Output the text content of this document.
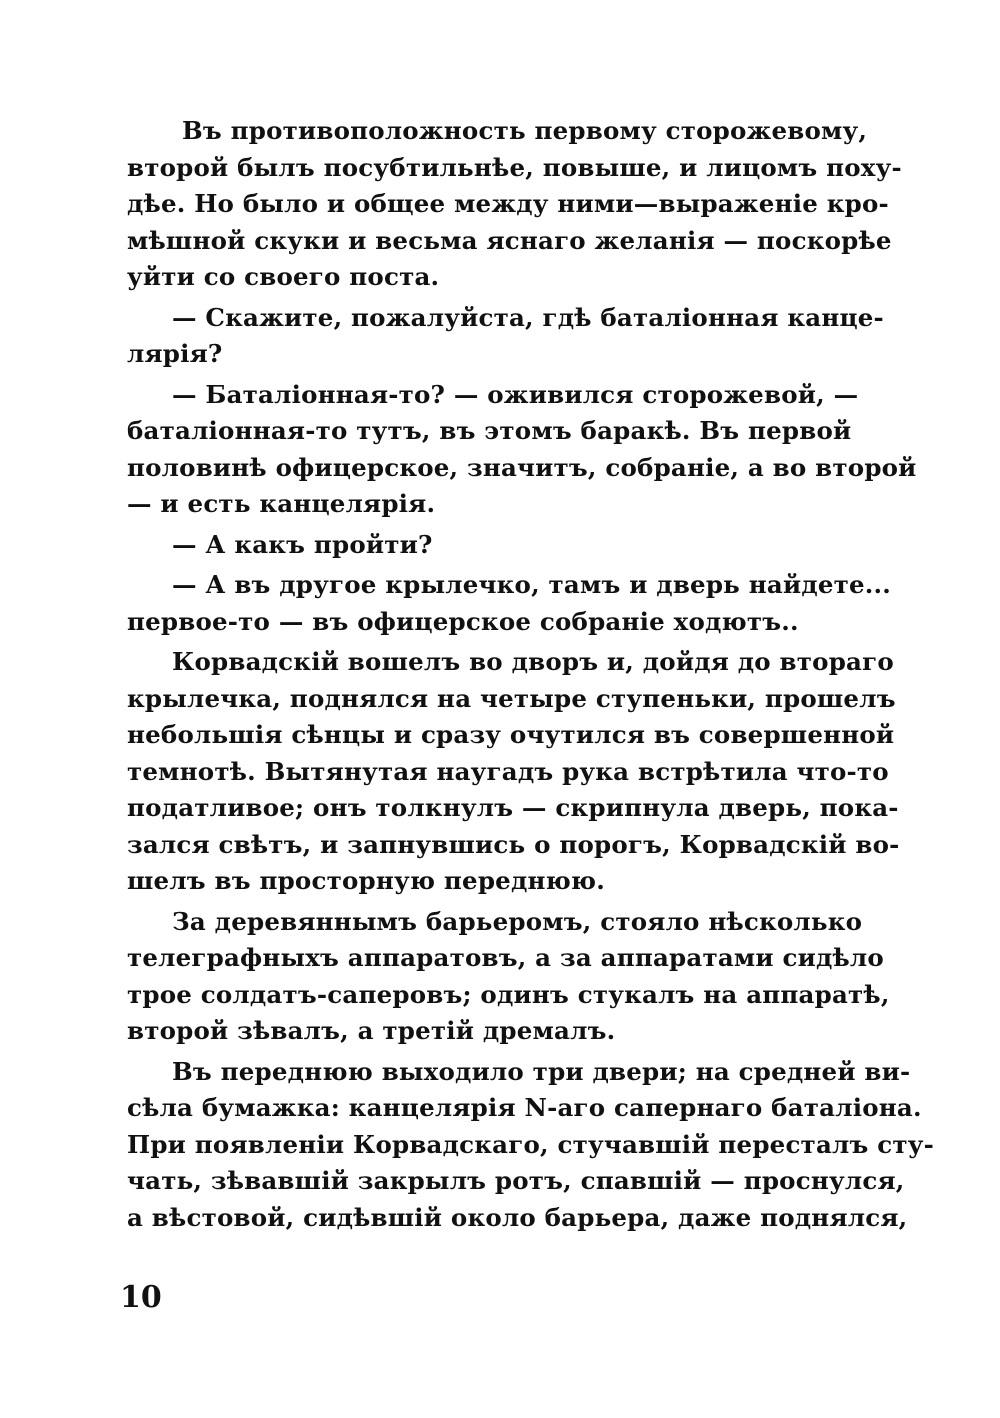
Въ противоположность первому сторожевому,
второй былъ посубтильнѣе, повыше, и лицомъ поху-
дѣе. Но было и общее между ними—выраженіе кро-
мѣшной скуки и весьма яснаго желанія — поскорѣе
уйти со своего поста.

— Скажите, пожалуйста, гдѣ баталіонная канце-
лярія?

— Баталіонная-то? — оживился сторожевой, —
баталіонная-то тутъ, въ этомъ баракѣ. Въ первой
половинѣ офицерское, значитъ, собраніе, а во второй
— и есть канцелярія.

— А какъ пройти?

— А въ другое крылечко, тамъ и дверь найдете...
первое-то — въ офицерское собраніе ходютъ..

Корвадскій вошелъ во дворъ и, дойдя до втораго
крылечка, поднялся на четыре ступеньки, прошелъ
небольшія сѣнцы и сразу очутился въ совершенной
темнотѣ. Вытянутая наугадъ рука встрѣтила что-то
податливое; онъ толкнулъ — скрипнула дверь, пока-
зался свѣтъ, и запнувшись о порогъ, Корвадскій во-
шелъ въ просторную переднюю.

За деревяннымъ барьеромъ, стояло нѣсколько
телеграфныхъ аппаратовъ, а за аппаратами сидѣло
трое солдатъ-саперовъ; одинъ стукалъ на аппаратѣ,
второй зѣвалъ, а третій дремалъ.

Въ переднюю выходило три двери; на средней ви-
сѣла бумажка: канцелярія N-аго сапернаго баталіона.
При появленіи Корвадскаго, стучавшій пересталъ сту-
чать, зѣвавшій закрылъ ротъ, спавшій — проснулся,
а вѣстовой, сидѣвшій около барьера, даже поднялся,

10
